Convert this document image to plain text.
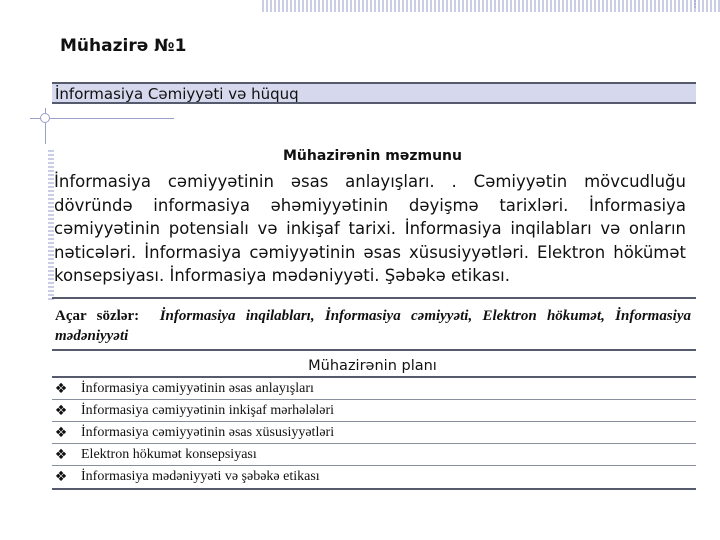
Mühazirə №1
İnformasiya Cəmiyyəti və hüquq
Mühazirənin məzmunu
İnformasiya cəmiyyətinin əsas anlayışları. . Cəmiyyətin mövcudluğu dövründə informasiya əhəmiyyətinin dəyişmə tarixləri. İnformasiya cəmiyyətinin potensialı və inkişaf tarixi. İnformasiya inqilabları və onların nəticələri. İnformasiya cəmiyyətinin əsas xüsusiyyətləri. Elektron hökümət konsepsiyası. İnformasiya mədəniyyəti. Şəbəkə etikası.
Açar sözlər: İnformasiya inqilabları, İnformasiya cəmiyyəti, Elektron hökumət, İnformasiya mədəniyyəti
Mühazirənin planı
❖ İnformasiya cəmiyyətinin əsas anlayışları
❖ İnformasiya cəmiyyətinin inkişaf mərhələləri
❖ İnformasiya cəmiyyətinin əsas xüsusiyyətləri
❖ Elektron hökumət konsepsiyası
❖ İnformasiya mədəniyyəti və şəbəkə etikası
